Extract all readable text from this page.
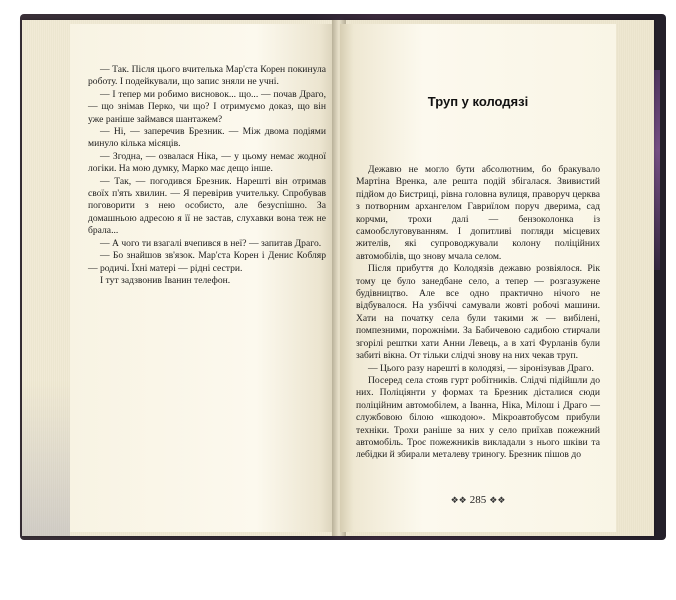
— Так. Після цього вчителька Мар'ста Корен покинула роботу. І подейкували, що запис зняли не учні.

— І тепер ми робимо висновок... що... — почав Драго, — що знімав Перко, чи що? І отримуємо доказ, що він уже раніше займався шантажем?

— Ні, — заперечив Брезник. — Між двома подіями минуло кілька місяців.

— Згодна, — озвалася Ніка, — у цьому немає жодної логіки. На мою думку, Марко має дещо інше.

— Так, — погодився Брезник. Нарешті він отримав своїх п'ять хвилин. — Я перевірив учительку. Спробував поговорити з нею особисто, але безуспішно. За домашньою адресою я її не застав, слухавки вона теж не брала...

— А чого ти взагалі вчепився в неї? — запитав Драго.

— Бо знайшов зв'язок. Мар'ста Корен і Денис Кобляр — родичі. Їхні матері — рідні сестри.

І тут задзвонив Іванин телефон.

Труп у колодязі

Дежавю не могло бути абсолютним, бо бракувало Мартіна Вренка, але решта подій збігалася. Звивистий підйом до Бистриці, рівна головна вулиця, праворуч церква з потворним архангелом Гавриїлом поруч дверима, сад корчми, трохи далі — бензоколонка із самообслуговуванням. І допитливі погляди місцевих жителів, які супроводжували колону поліційних автомобілів, що знову мчала селом.

Після прибуття до Колодязів дежавю розвіялося. Рік тому це було занедбане село, а тепер — розгазужене будівництво. Але все одно практично нічого не відбувалося. На узбіччі самували жовті робочі машини. Хати на початку села були такими ж — вибілені, помпезними, порожніми. За Бабичевою садибою стирчали згорілі рештки хати Анни Левець, а в хаті Фурланів були забиті вікна. От тільки слідчі знову на них чекав труп.

— Цього разу нарешті в колодязі, — зіронізував Драго.

Посеред села стояв гурт робітників. Слідчі підійшли до них. Поліціянти у формах та Брезник дісталися сюди поліційним автомобілем, а Іванна, Ніка, Мілош і Драго — службовою білою «шкодою». Мікроавтобусом прибули техніки. Трохи раніше за них у село приїхав пожежний автомобіль. Троє пожежників викладали з нього шківи та лебідки й збирали металеву триногу. Брезник пішов до

❖❖ 285 ❖❖
